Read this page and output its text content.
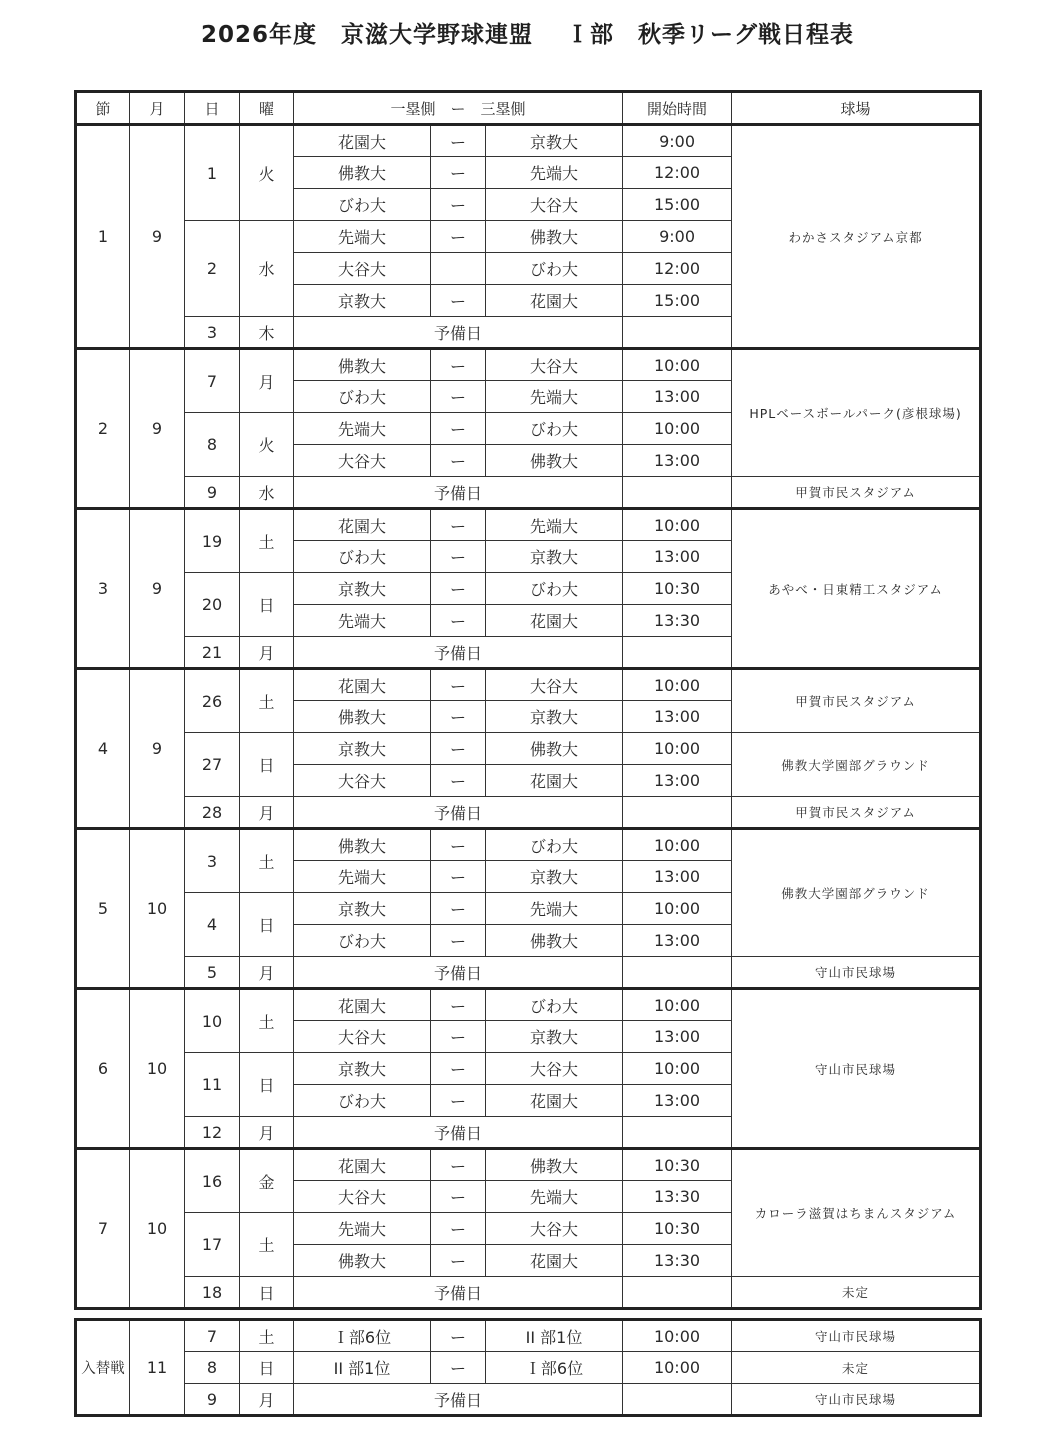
2026年度　京滋大学野球連盟　 Ｉ部　秋季リーグ戦日程表
節	月	日	曜	一塁側　ー　三塁側			開始時間	球場
1	9	1	火	花園大	ー	京教大	9:00	わかさスタジアム京都
				佛教大	ー	先端大	12:00	
				びわ大	ー	大谷大	15:00	
		2	水	先端大	ー	佛教大	9:00	
				大谷大		びわ大	12:00	
				京教大	ー	花園大	15:00	
		3	木	予備日				
2	9	7	月	佛教大	ー	大谷大	10:00	HPLベースボールパーク(彦根球場)
				びわ大	ー	先端大	13:00	
		8	火	先端大	ー	びわ大	10:00	
				大谷大	ー	佛教大	13:00	
		9	水	予備日				甲賀市民スタジアム
3	9	19	土	花園大	ー	先端大	10:00	あやべ・日東精工スタジアム
				びわ大	ー	京教大	13:00	
		20	日	京教大	ー	びわ大	10:30	
				先端大	ー	花園大	13:30	
		21	月	予備日				
4	9	26	土	花園大	ー	大谷大	10:00	甲賀市民スタジアム
				佛教大	ー	京教大	13:00	
		27	日	京教大	ー	佛教大	10:00	佛教大学園部グラウンド
				大谷大	ー	花園大	13:00	
		28	月	予備日				甲賀市民スタジアム
5	10	3	土	佛教大	ー	びわ大	10:00	佛教大学園部グラウンド
				先端大	ー	京教大	13:00	
		4	日	京教大	ー	先端大	10:00	
				びわ大	ー	佛教大	13:00	
		5	月	予備日				守山市民球場
6	10	10	土	花園大	ー	びわ大	10:00	守山市民球場
				大谷大	ー	京教大	13:00	
		11	日	京教大	ー	大谷大	10:00	
				びわ大	ー	花園大	13:00	
		12	月	予備日				
7	10	16	金	花園大	ー	佛教大	10:30	カローラ滋賀はちまんスタジアム
				大谷大	ー	先端大	13:30	
		17	土	先端大	ー	大谷大	10:30	
				佛教大	ー	花園大	13:30	
		18	日	予備日				未定
入替戦	11	7	土	Ｉ部6位	ー	II 部1位	10:00	守山市民球場
		8	日	II 部1位	ー	Ｉ部6位	10:00	未定
		9	月	予備日				守山市民球場
